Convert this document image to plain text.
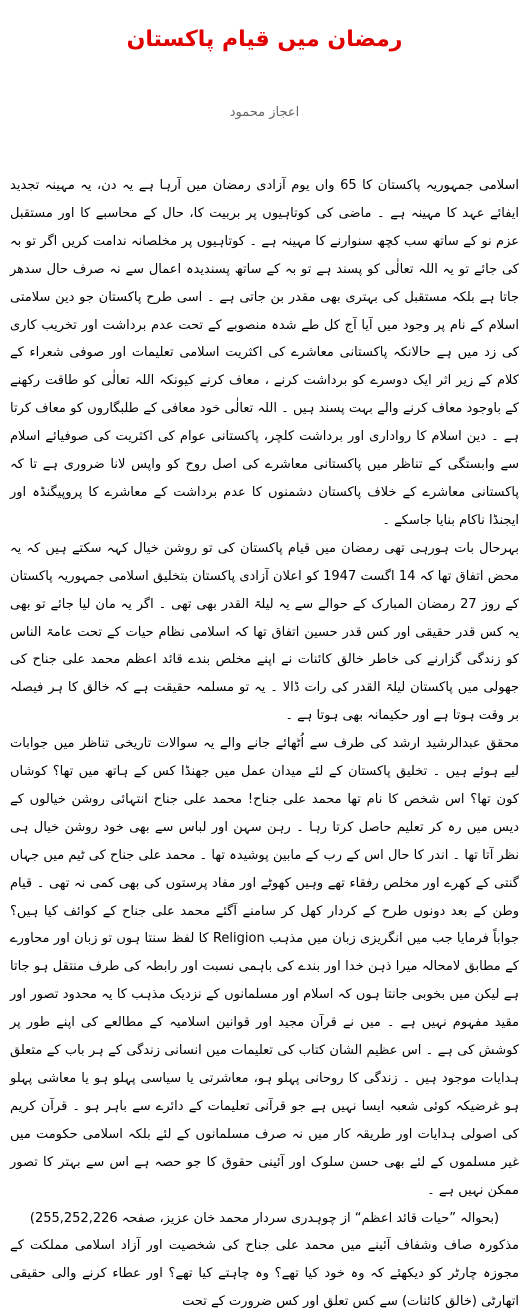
رمضان میں قیام پاکستان
اعجاز محمود

اسلامی جمہوریہ پاکستان کا 65 واں یوم آزادی رمضان میں آرہا ہے یہ دن، یہ مہینہ تجدید ایفائے عہد کا مہینہ ہے ۔ ماضی کی کوتاہیوں پر بربیت کا، حال کے محاسبے کا اور مستقبل عزم نو کے ساتھ سب کچھ سنوارنے کا مہینہ ہے ۔ کوتاہیوں پر مخلصانہ ندامت کریں اگر تو بہ کی جائے تو یہ اللہ تعالٰی کو پسند ہے تو بہ کے ساتھ پسندیدہ اعمال سے نہ صرف حال سدھر جاتا ہے بلکہ مستقبل کی بہتری بھی مقدر بن جاتی ہے ۔ اسی طرح پاکستان جو دین سلامتی اسلام کے نام پر وجود میں آیا آج کل طے شدہ منصوبے کے تحت عدم برداشت اور تخریب کاری کی زد میں ہے حالانکہ پاکستانی معاشرے کی اکثریت اسلامی تعلیمات اور صوفی شعراء کے کلام کے زیر اثر ایک دوسرے کو برداشت کرنے ، معاف کرنے کیونکہ اللہ تعالٰی کو طاقت رکھنے کے باوجود معاف کرنے والے بہت پسند ہیں ۔ اللہ تعالٰی خود معافی کے طلبگاروں کو معاف کرتا ہے ۔ دین اسلام کا رواداری اور برداشت کلچر، پاکستانی عوام کی اکثریت کی صوفیائے اسلام سے وابستگی کے تناظر میں پاکستانی معاشرے کی اصل روح کو واپس لانا ضروری ہے تا کہ پاکستانی معاشرے کے خلاف پاکستان دشمنوں کا عدم برداشت کے معاشرے کا پروپیگنڈہ اور ایجنڈا ناکام بنایا جاسکے ۔

بہرحال بات ہورہی تھی رمضان میں قیام پاکستان کی تو روشن خیال کہہ سکتے ہیں کہ یہ محض اتفاق تھا کہ 14 اگست 1947 کو اعلان آزادی پاکستان بتخلیق اسلامی جمہوریہ پاکستان کے روز 27 رمضان المبارک کے حوالے سے یہ لیلۃ القدر بھی تھی ۔ اگر یہ مان لیا جائے تو بھی یہ کس قدر حقیقی اور کس قدر حسین اتفاق تھا کہ اسلامی نظام حیات کے تحت عامۃ الناس کو زندگی گزارنے کی خاطر خالق کائنات نے اپنے مخلص بندے قائد اعظم محمد علی جناح کی جھولی میں پاکستان لیلۃ القدر کی رات ڈالا ۔ یہ تو مسلمہ حقیقت ہے کہ خالق کا ہر فیصلہ بر وقت ہوتا ہے اور حکیمانہ بھی ہوتا ہے ۔

محقق عبدالرشید ارشد کی طرف سے اُٹھائے جانے والے یہ سوالات تاریخی تناظر میں جوابات لیے ہوئے ہیں ۔ تخلیق پاکستان کے لئے میدان عمل میں جھنڈا کس کے ہاتھ میں تھا؟ کوشاں کون تھا؟ اس شخص کا نام تھا محمد علی جناح! محمد علی جناح انتہائی روشن خیالوں کے دیس میں رہ کر تعلیم حاصل کرتا رہا ۔ رہن سہن اور لباس سے بھی خود روشن خیال ہی نظر آتا تھا ۔ اندر کا حال اس کے رب کے مابین پوشیدہ تھا ۔ محمد علی جناح کی ٹیم میں جہاں گنتی کے کھرے اور مخلص رفقاء تھے وہیں کھوٹے اور مفاد پرستوں کی بھی کمی نہ تھی ۔ قیام وطن کے بعد دونوں طرح کے کردار کھل کر سامنے آگئے محمد علی جناح کے کوائف کیا ہیں؟ جواباً فرمایا جب میں انگریزی زبان میں مذہب Religion کا لفظ سنتا ہوں تو زبان اور محاورے کے مطابق لامحالہ میرا ذہن خدا اور بندے کی باہمی نسبت اور رابطہ کی طرف منتقل ہو جاتا ہے لیکن میں بخوبی جانتا ہوں کہ اسلام اور مسلمانوں کے نزدیک مذہب کا یہ محدود تصور اور مقید مفہوم نہیں ہے ۔ میں نے قرآن مجید اور قوانین اسلامیہ کے مطالعے کی اپنے طور پر کوشش کی ہے ۔ اس عظیم الشان کتاب کی تعلیمات میں انسانی زندگی کے ہر باب کے متعلق ہدایات موجود ہیں ۔ زندگی کا روحانی پہلو ہو، معاشرتی یا سیاسی پہلو ہو یا معاشی پہلو ہو غرضیکہ کوئی شعبہ ایسا نہیں ہے جو قرآنی تعلیمات کے دائرے سے باہر ہو ۔ قرآن کریم کی اصولی ہدایات اور طریقہ کار میں نہ صرف مسلمانوں کے لئے بلکہ اسلامی حکومت میں غیر مسلموں کے لئے بھی حسن سلوک اور آئینی حقوق کا جو حصہ ہے اس سے بہتر کا تصور ممکن نہیں ہے ۔

(بحوالہ ”حیات قائد اعظم“ از چوہدری سردار محمد خان عزیز، صفحہ 255,252,226)

مذکورہ صاف وشفاف آئینے میں محمد علی جناح کی شخصیت اور آزاد اسلامی مملکت کے مجوزہ چارٹر کو دیکھئے کہ وہ خود کیا تھے؟ وہ چاہتے کیا تھے؟ اور عطاء کرنے والی حقیقی اتھارٹی (خالق کائنات) سے کس تعلق اور کس ضرورت کے تحت
